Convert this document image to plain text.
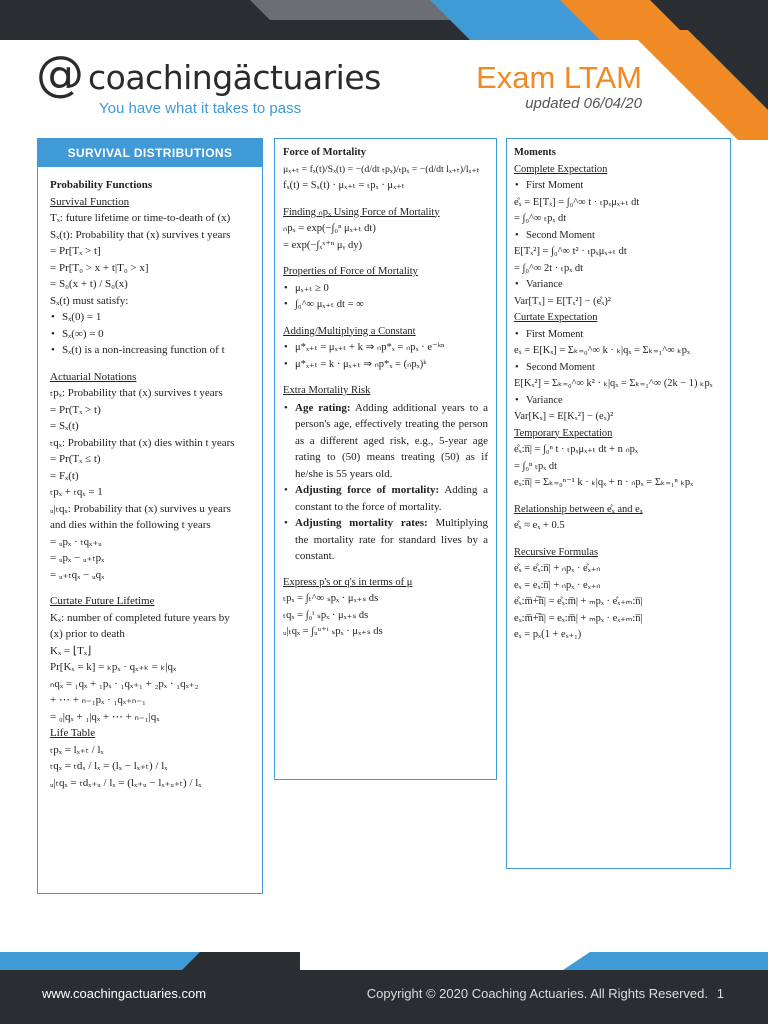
@ coachingäctuaries
You have what it takes to pass
Exam LTAM
updated 06/04/20
SURVIVAL DISTRIBUTIONS
Probability Functions
Survival Function
Tₓ: future lifetime or time-to-death of (x)
Sₓ(t): Probability that (x) survives t years
= Pr[Tₓ > t]
= Pr[T₀ > x + t|T₀ > x]
= S₀(x + t) / S₀(x)
Sₓ(t) must satisfy:
• Sₓ(0) = 1
• Sₓ(∞) = 0
• Sₓ(t) is a non-increasing function of t
Actuarial Notations
ₜpₓ: Probability that (x) survives t years
= Pr(Tₓ > t)
= Sₓ(t)
ₜqₓ: Probability that (x) dies within t years
= Pr(Tₓ ≤ t)
= Fₓ(t)
ₜpₓ + ₜqₓ = 1
ᵤ|ₜqₓ: Probability that (x) survives u years
and dies within the following t years
= ᵤpₓ · ₜqₓ₊ᵤ
= ᵤpₓ − ᵤ₊ₜpₓ
= ᵤ₊ₜqₓ − ᵤqₓ
Curtate Future Lifetime
Kₓ: number of completed future years by
(x) prior to death
Kₓ = ⌊Tₓ⌋
Pr[Kₓ = k] = ₖpₓ · qₓ₊ₖ = ₖ|qₓ
ₙqₓ = ₁qₓ + ₁pₓ · ₁qₓ₊₁ + ₂pₓ · ₁qₓ₊₂
+ ⋯ + ₙ₋₁pₓ · ₁qₓ₊ₙ₋₁
= ₀|qₓ + ₁|qₓ + ⋯ + ₙ₋₁|qₓ
Life Table
ₜpₓ = lₓ₊ₜ / lₓ
ₜqₓ = ₜdₓ / lₓ = (lₓ − lₓ₊ₜ) / lₓ
ᵤ|ₜqₓ = ₜdₓ₊ᵤ / lₓ = (lₓ₊ᵤ − lₓ₊ᵤ₊ₜ) / lₓ
Force of Mortality
μₓ₊ₜ = fₓ(t)/Sₓ(t) = −(d/dt ₜpₓ)/ₜpₓ = −(d/dt lₓ₊ₜ)/lₓ₊ₜ
fₓ(t) = Sₓ(t) · μₓ₊ₜ = ₜpₓ · μₓ₊ₜ
Finding ₙpₓ Using Force of Mortality
ₙpₓ = exp(−∫₀ⁿ μₓ₊ₜ dt)
= exp(−∫ₓˣ⁺ⁿ μᵧ dy)
Properties of Force of Mortality
• μₓ₊ₜ ≥ 0
• ∫₀^∞ μₓ₊ₜ dt = ∞
Adding/Multiplying a Constant
• μ*ₓ₊ₜ = μₓ₊ₜ + k ⇒ ₙp*ₓ = ₙpₓ · e⁻ᵏⁿ
• μ*ₓ₊ₜ = k · μₓ₊ₜ ⇒ ₙp*ₓ = (ₙpₓ)ᵏ
Extra Mortality Risk
• Age rating: Adding additional years to a person's age, effectively treating the person as a different aged risk, e.g., 5-year age rating to (50) means treating (50) as if he/she is 55 years old.
• Adjusting force of mortality: Adding a constant to the force of mortality.
• Adjusting mortality rates: Multiplying the mortality rate for standard lives by a constant.
Express p's or q's in terms of μ
ₜpₓ = ∫ₜ^∞ ₛpₓ · μₓ₊ₛ ds
ₜqₓ = ∫₀ᵗ ₛpₓ · μₓ₊ₛ ds
ᵤ|ₜqₓ = ∫ᵤᵘ⁺ᵗ ₛpₓ · μₓ₊ₛ ds
Moments
Complete Expectation
• First Moment
e̊ₓ = E[Tₓ] = ∫₀^∞ t · ₜpₓμₓ₊ₜ dt
= ∫₀^∞ ₜpₓ dt
• Second Moment
E[Tₓ²] = ∫₀^∞ t² · ₜpₓμₓ₊ₜ dt
= ∫₀^∞ 2t · ₜpₓ dt
• Variance
Var[Tₓ] = E[Tₓ²] − (e̊ₓ)²
Curtate Expectation
• First Moment
eₓ = E[Kₓ] = Σₖ₌₀^∞ k · ₖ|qₓ = Σₖ₌₁^∞ ₖpₓ
• Second Moment
E[Kₓ²] = Σₖ₌₀^∞ k² · ₖ|qₓ = Σₖ₌₁^∞ (2k − 1) ₖpₓ
• Variance
Var[Kₓ] = E[Kₓ²] − (eₓ)²
Temporary Expectation
e̊ₓ:n̅| = ∫₀ⁿ t · ₜpₓμₓ₊ₜ dt + n ₙpₓ
= ∫₀ⁿ ₜpₓ dt
eₓ:n̅| = Σₖ₌₀ⁿ⁻¹ k · ₖ|qₓ + n · ₙpₓ = Σₖ₌₁ⁿ ₖpₓ
Relationship between e̊ₓ and eₓ
e̊ₓ ≈ eₓ + 0.5
Recursive Formulas
e̊ₓ = e̊ₓ:n̅| + ₙpₓ · e̊ₓ₊ₙ
eₓ = eₓ:n̅| + ₙpₓ · eₓ₊ₙ
e̊ₓ:m̅+̅n̅| = e̊ₓ:m̅| + ₘpₓ · e̊ₓ₊ₘ:n̅|
eₓ:m̅+̅n̅| = eₓ:m̅| + ₘpₓ · eₓ₊ₘ:n̅|
eₓ = pₓ(1 + eₓ₊₁)
www.coachingactuaries.com	Copyright © 2020 Coaching Actuaries. All Rights Reserved. 1
